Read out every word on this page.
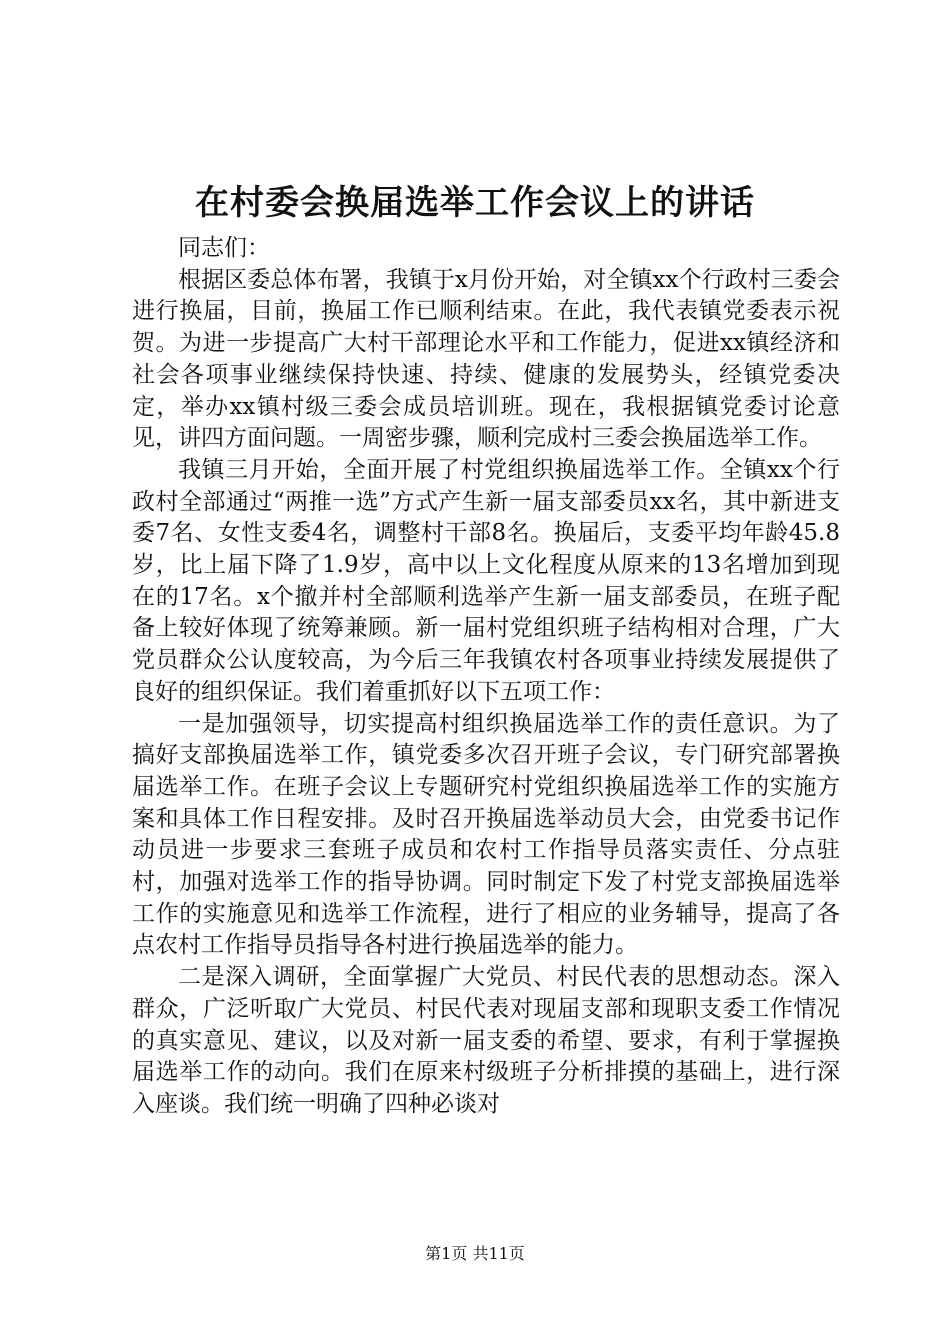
在村委会换届选举工作会议上的讲话

同志们：

根据区委总体布署，我镇于x月份开始，对全镇xx个行政村三委会进行换届，目前，换届工作已顺利结束。在此，我代表镇党委表示祝贺。为进一步提高广大村干部理论水平和工作能力，促进xx镇经济和社会各项事业继续保持快速、持续、健康的发展势头，经镇党委决定，举办xx镇村级三委会成员培训班。现在，我根据镇党委讨论意见，讲四方面问题。一周密步骤，顺利完成村三委会换届选举工作。

我镇三月开始，全面开展了村党组织换届选举工作。全镇xx个行政村全部通过“两推一选”方式产生新一届支部委员xx名，其中新进支委7名、女性支委4名，调整村干部8名。换届后，支委平均年龄45.8岁，比上届下降了1.9岁，高中以上文化程度从原来的13名增加到现在的17名。x个撤并村全部顺利选举产生新一届支部委员，在班子配备上较好体现了统筹兼顾。新一届村党组织班子结构相对合理，广大党员群众公认度较高，为今后三年我镇农村各项事业持续发展提供了良好的组织保证。我们着重抓好以下五项工作：

一是加强领导，切实提高村组织换届选举工作的责任意识。为了搞好支部换届选举工作，镇党委多次召开班子会议，专门研究部署换届选举工作。在班子会议上专题研究村党组织换届选举工作的实施方案和具体工作日程安排。及时召开换届选举动员大会，由党委书记作动员进一步要求三套班子成员和农村工作指导员落实责任、分点驻村，加强对选举工作的指导协调。同时制定下发了村党支部换届选举工作的实施意见和选举工作流程，进行了相应的业务辅导，提高了各点农村工作指导员指导各村进行换届选举的能力。

二是深入调研，全面掌握广大党员、村民代表的思想动态。深入群众，广泛听取广大党员、村民代表对现届支部和现职支委工作情况的真实意见、建议，以及对新一届支委的希望、要求，有利于掌握换届选举工作的动向。我们在原来村级班子分析排摸的基础上，进行深入座谈。我们统一明确了四种必谈对

第1页 共11页
